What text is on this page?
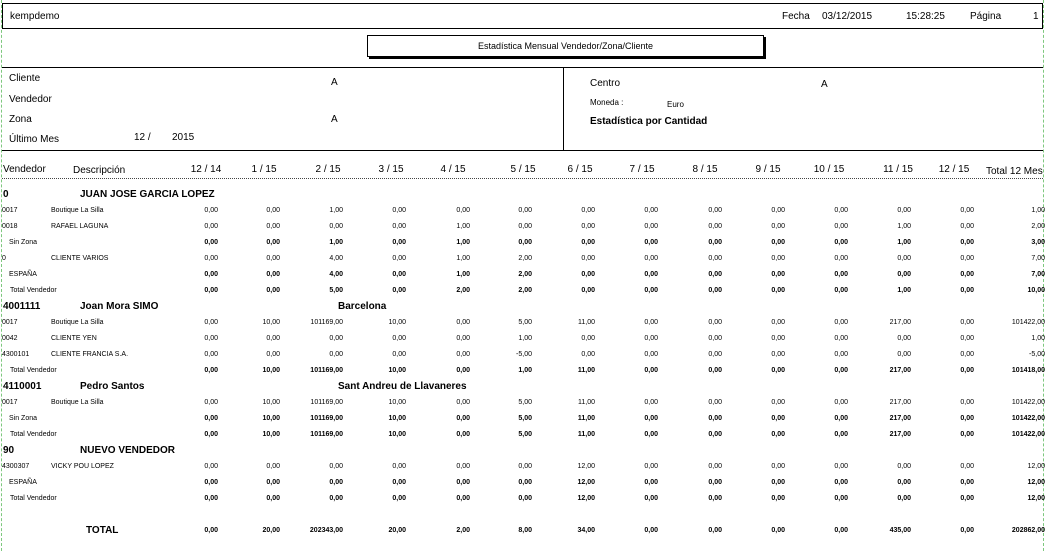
kempdemo	Fecha 03/12/2015	15:28:25	Página	1
Estadística Mensual Vendedor/Zona/Cliente
Cliente	A
Vendedor
Zona	A
Último Mes	12 / 2015
Centro	A
Moneda :	Euro
Estadística por Cantidad
Vendedor	Descripción	12 / 14	1 / 15	2 / 15	3 / 15	4 / 15	5 / 15	6 / 15	7 / 15	8 / 15	9 / 15	10 / 15	11 / 15	12 / 15 Total 12 Mes
0	JUAN JOSE GARCIA LOPEZ
0017	Boutique La Silla	0,00	0,00	1,00	0,00	0,00	0,00	0,00	0,00	0,00	0,00	0,00	0,00	0,00	1,00
0018	RAFAEL LAGUNA	0,00	0,00	0,00	0,00	1,00	0,00	0,00	0,00	0,00	0,00	0,00	1,00	0,00	2,00
Sin Zona	0,00	0,00	1,00	0,00	1,00	0,00	0,00	0,00	0,00	0,00	0,00	1,00	0,00	3,00
0	CLIENTE VARIOS	0,00	0,00	4,00	0,00	1,00	2,00	0,00	0,00	0,00	0,00	0,00	0,00	0,00	7,00
ESPAÑA	0,00	0,00	4,00	0,00	1,00	2,00	0,00	0,00	0,00	0,00	0,00	0,00	0,00	7,00
Total Vendedor	0,00	0,00	5,00	0,00	2,00	2,00	0,00	0,00	0,00	0,00	0,00	1,00	0,00	10,00
4001111	Joan Mora SIMO	Barcelona
0017	Boutique La Silla	0,00	10,00	101169,00	10,00	0,00	5,00	11,00	0,00	0,00	0,00	0,00	217,00	0,00	101422,00
0042	CLIENTE YEN	0,00	0,00	0,00	0,00	0,00	1,00	0,00	0,00	0,00	0,00	0,00	0,00	0,00	1,00
4300101	CLIENTE FRANCIA S.A.	0,00	0,00	0,00	0,00	0,00	-5,00	0,00	0,00	0,00	0,00	0,00	0,00	0,00	-5,00
Total Vendedor	0,00	10,00	101169,00	10,00	0,00	1,00	11,00	0,00	0,00	0,00	0,00	217,00	0,00	101418,00
4110001	Pedro Santos	Sant Andreu de Llavaneres
0017	Boutique La Silla	0,00	10,00	101169,00	10,00	0,00	5,00	11,00	0,00	0,00	0,00	0,00	217,00	0,00	101422,00
Sin Zona	0,00	10,00	101169,00	10,00	0,00	5,00	11,00	0,00	0,00	0,00	0,00	217,00	0,00	101422,00
Total Vendedor	0,00	10,00	101169,00	10,00	0,00	5,00	11,00	0,00	0,00	0,00	0,00	217,00	0,00	101422,00
90	NUEVO VENDEDOR
4300307	VICKY POU LOPEZ	0,00	0,00	0,00	0,00	0,00	0,00	12,00	0,00	0,00	0,00	0,00	0,00	0,00	12,00
ESPAÑA	0,00	0,00	0,00	0,00	0,00	0,00	12,00	0,00	0,00	0,00	0,00	0,00	0,00	12,00
Total Vendedor	0,00	0,00	0,00	0,00	0,00	0,00	12,00	0,00	0,00	0,00	0,00	0,00	0,00	12,00
TOTAL	0,00	20,00	202343,00	20,00	2,00	8,00	34,00	0,00	0,00	0,00	0,00	435,00	0,00	202862,00
